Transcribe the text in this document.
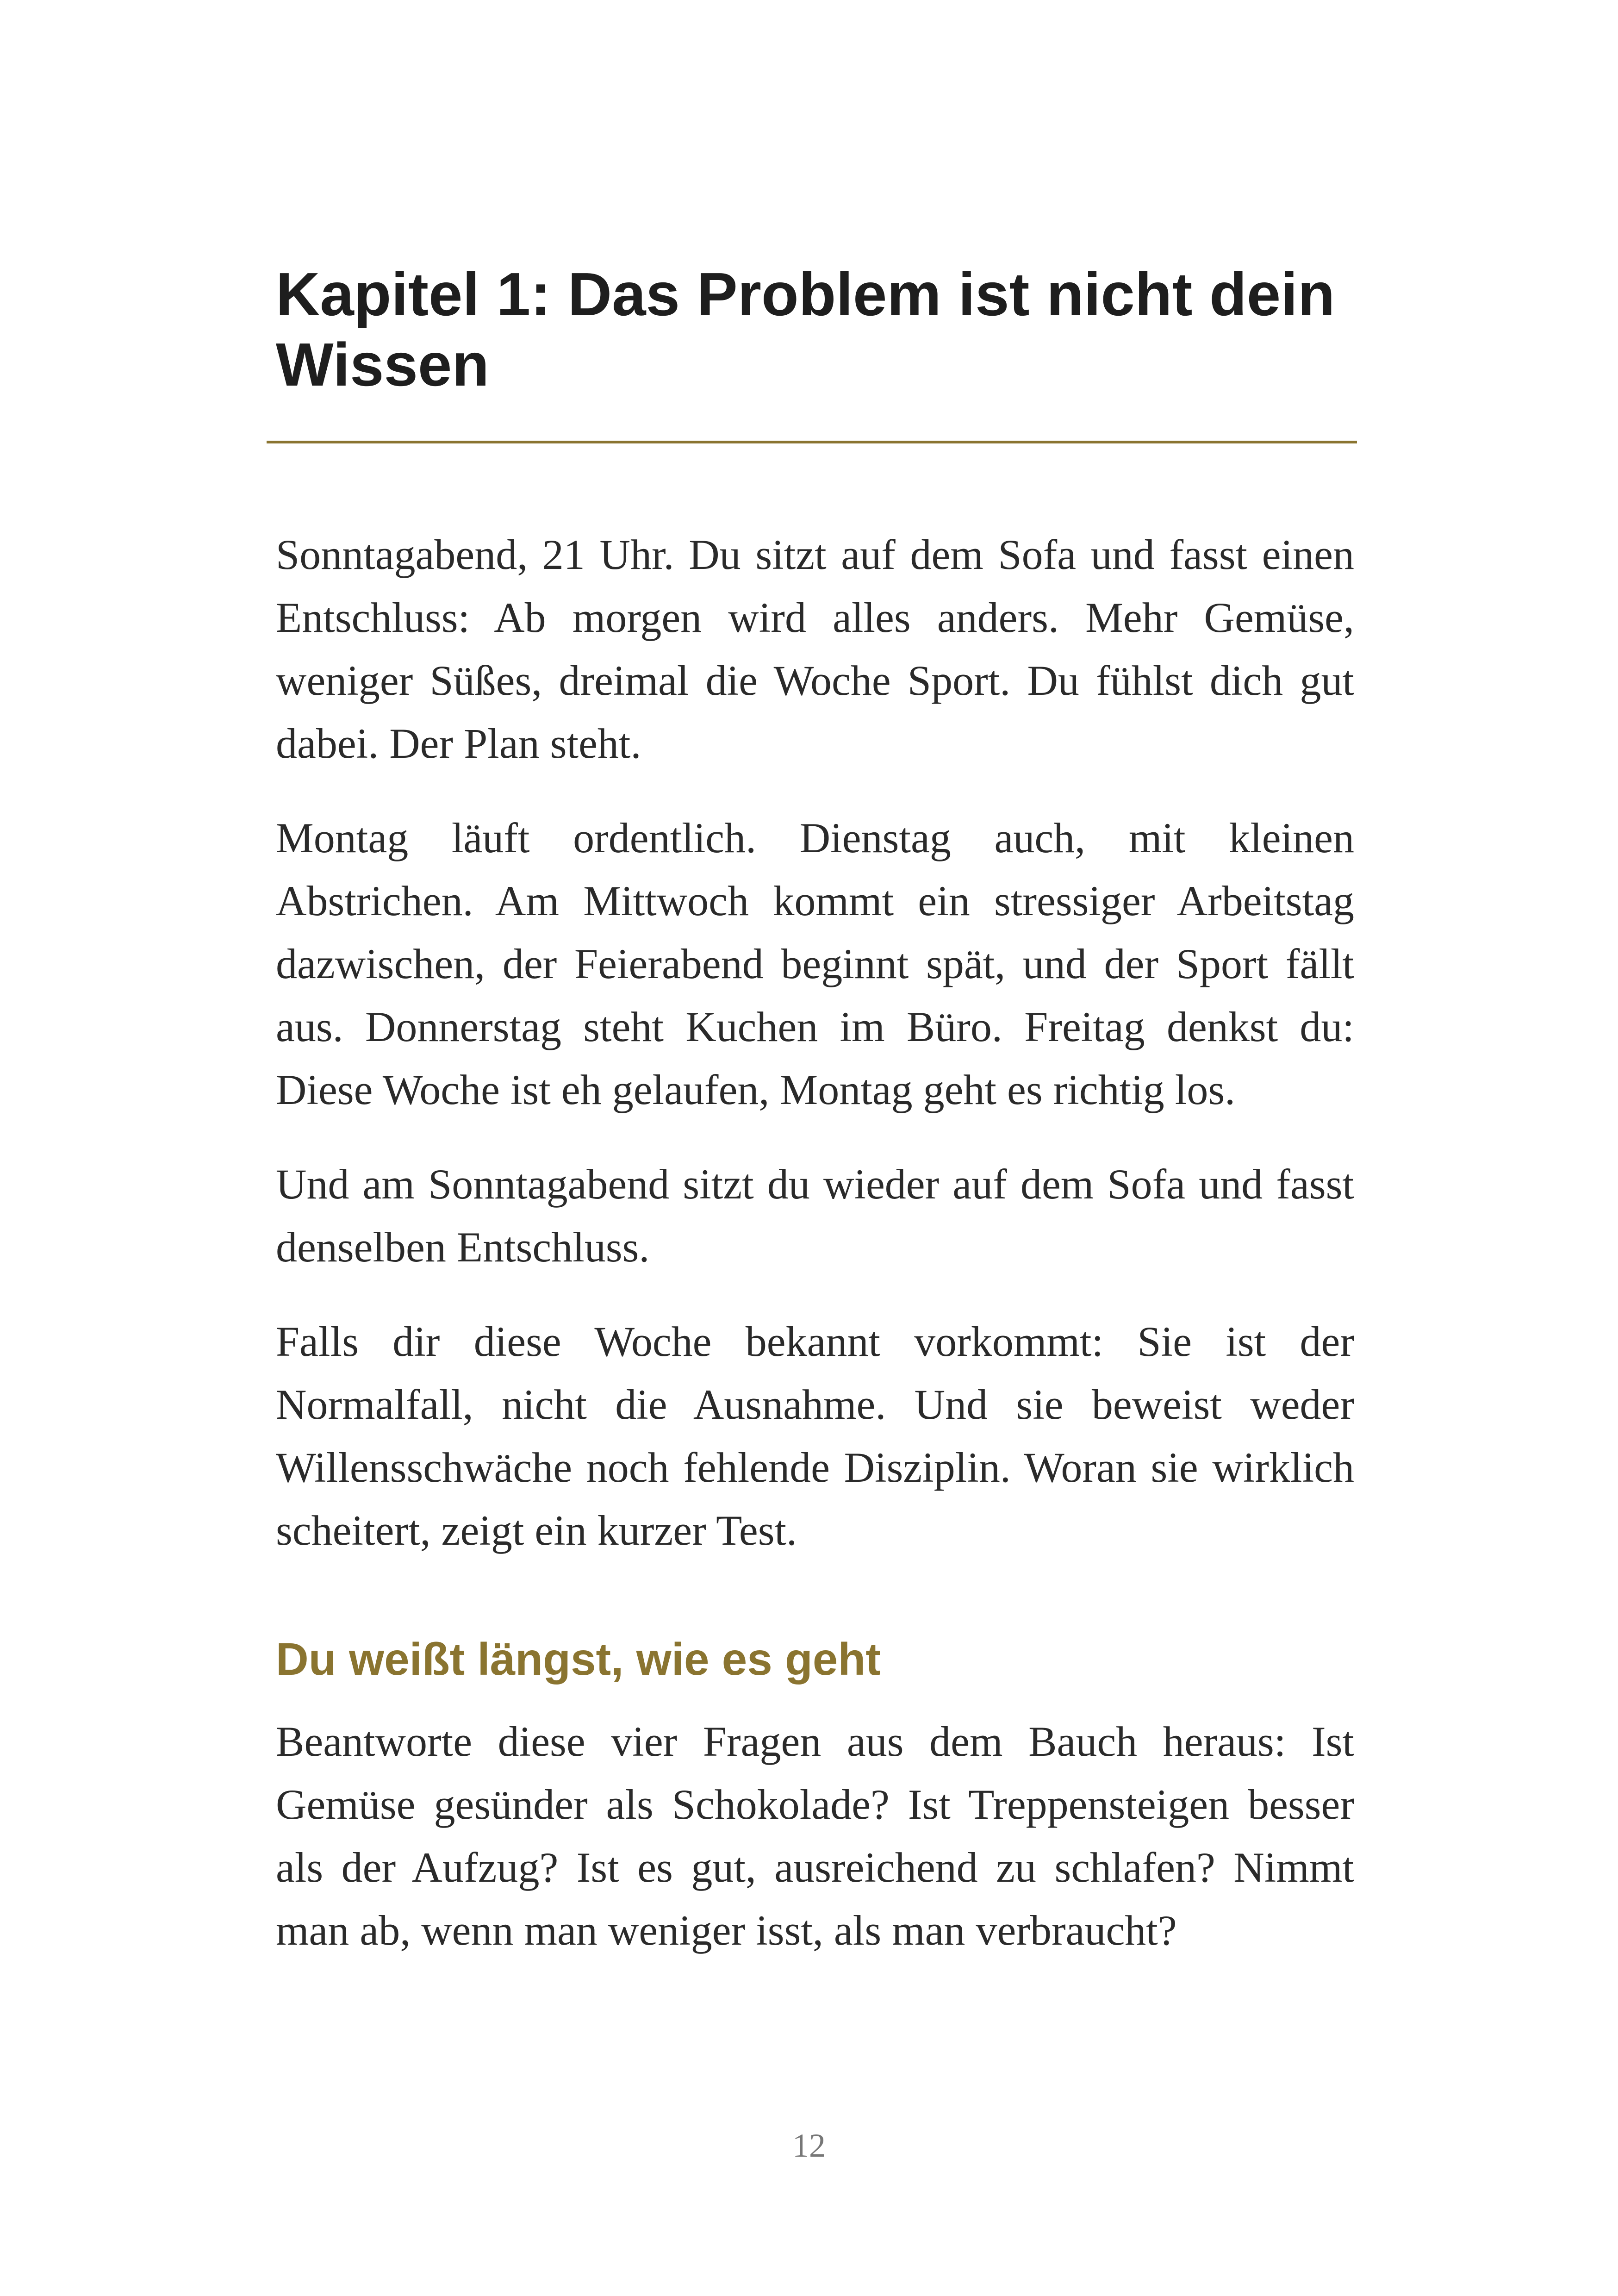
Kapitel 1: Das Problem ist nicht dein Wissen

Sonntagabend, 21 Uhr. Du sitzt auf dem Sofa und fasst einen Entschluss: Ab morgen wird alles anders. Mehr Gemüse, weniger Süßes, dreimal die Woche Sport. Du fühlst dich gut dabei. Der Plan steht.

Montag läuft ordentlich. Dienstag auch, mit kleinen Abstrichen. Am Mittwoch kommt ein stressiger Arbeitstag dazwischen, der Feierabend beginnt spät, und der Sport fällt aus. Donnerstag steht Kuchen im Büro. Freitag denkst du: Diese Woche ist eh gelaufen, Montag geht es richtig los.

Und am Sonntagabend sitzt du wieder auf dem Sofa und fasst denselben Entschluss.

Falls dir diese Woche bekannt vorkommt: Sie ist der Normalfall, nicht die Ausnahme. Und sie beweist weder Willensschwäche noch fehlende Disziplin. Woran sie wirklich scheitert, zeigt ein kurzer Test.

Du weißt längst, wie es geht

Beantworte diese vier Fragen aus dem Bauch heraus: Ist Gemüse gesünder als Schokolade? Ist Treppensteigen besser als der Aufzug? Ist es gut, ausreichend zu schlafen? Nimmt man ab, wenn man weniger isst, als man verbraucht?

12
